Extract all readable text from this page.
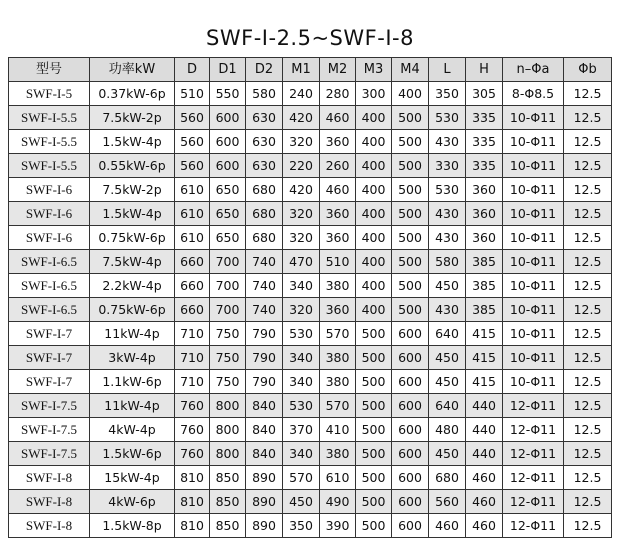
SWF-I-2.5~SWF-I-8
型号	功率kW	D	D1	D2	M1	M2	M3	M4	L	H	n–Φa	Φb
SWF-I-5	0.37kW-6p	510	550	580	240	280	300	400	350	305	8-Φ8.5	12.5
SWF-I-5.5	7.5kW-2p	560	600	630	420	460	400	500	530	335	10-Φ11	12.5
SWF-I-5.5	1.5kW-4p	560	600	630	320	360	400	500	430	335	10-Φ11	12.5
SWF-I-5.5	0.55kW-6p	560	600	630	220	260	400	500	330	335	10-Φ11	12.5
SWF-I-6	7.5kW-2p	610	650	680	420	460	400	500	530	360	10-Φ11	12.5
SWF-I-6	1.5kW-4p	610	650	680	320	360	400	500	430	360	10-Φ11	12.5
SWF-I-6	0.75kW-6p	610	650	680	320	360	400	500	430	360	10-Φ11	12.5
SWF-I-6.5	7.5kW-4p	660	700	740	470	510	400	500	580	385	10-Φ11	12.5
SWF-I-6.5	2.2kW-4p	660	700	740	340	380	400	500	450	385	10-Φ11	12.5
SWF-I-6.5	0.75kW-6p	660	700	740	320	360	400	500	430	385	10-Φ11	12.5
SWF-I-7	11kW-4p	710	750	790	530	570	500	600	640	415	10-Φ11	12.5
SWF-I-7	3kW-4p	710	750	790	340	380	500	600	450	415	10-Φ11	12.5
SWF-I-7	1.1kW-6p	710	750	790	340	380	500	600	450	415	10-Φ11	12.5
SWF-I-7.5	11kW-4p	760	800	840	530	570	500	600	640	440	12-Φ11	12.5
SWF-I-7.5	4kW-4p	760	800	840	370	410	500	600	480	440	12-Φ11	12.5
SWF-I-7.5	1.5kW-6p	760	800	840	340	380	500	600	450	440	12-Φ11	12.5
SWF-I-8	15kW-4p	810	850	890	570	610	500	600	680	460	12-Φ11	12.5
SWF-I-8	4kW-6p	810	850	890	450	490	500	600	560	460	12-Φ11	12.5
SWF-I-8	1.5kW-8p	810	850	890	350	390	500	600	460	460	12-Φ11	12.5
